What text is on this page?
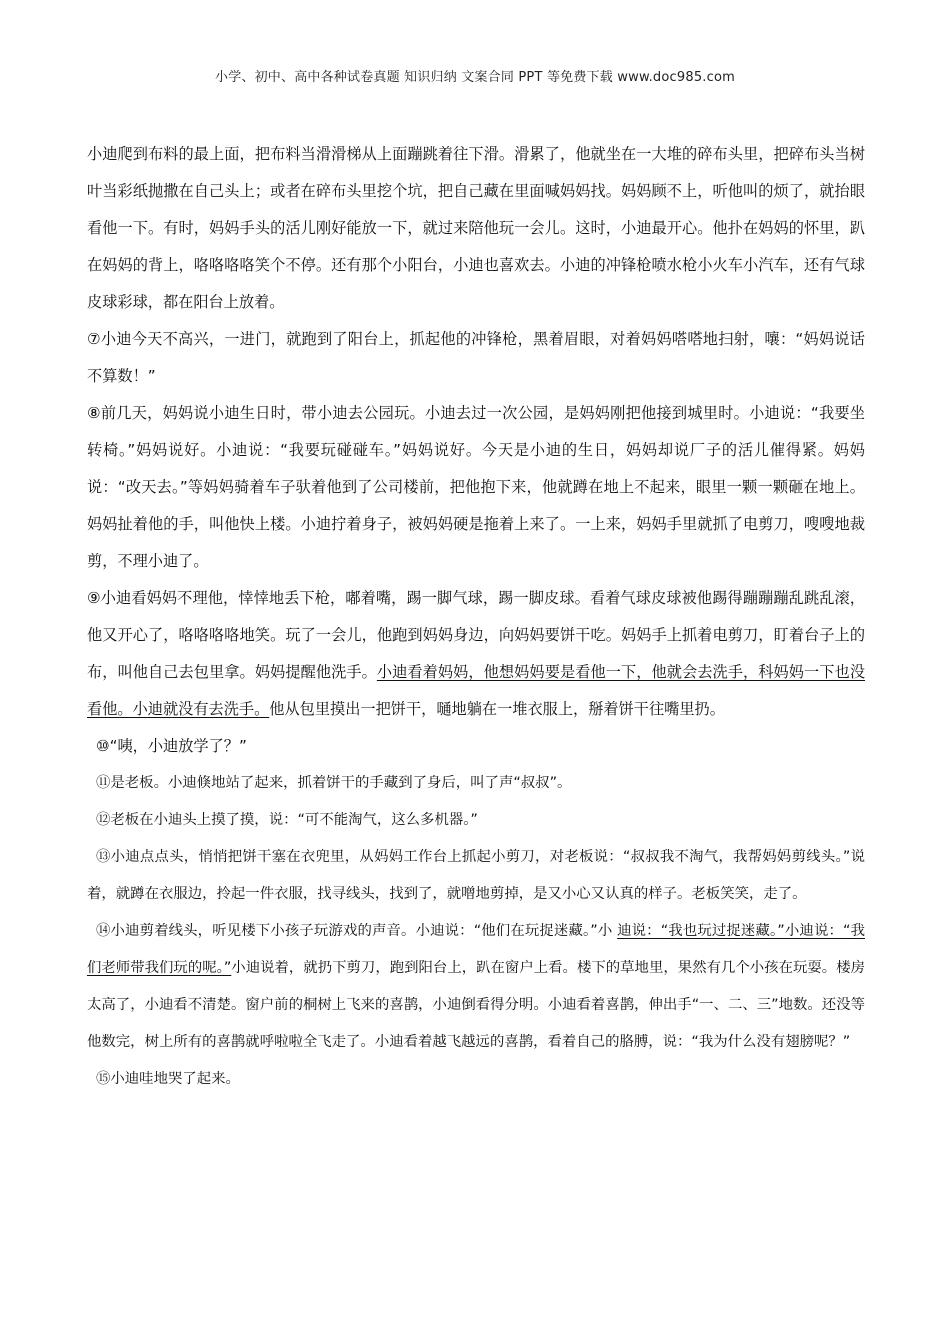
小学、初中、高中各种试卷真题 知识归纳 文案合同 PPT 等免费下载 www.doc985.com

小迪爬到布料的最上面，把布料当滑滑梯从上面蹦跳着往下滑。滑累了，他就坐在一大堆的碎布头里，把碎布头当树叶当彩纸抛撒在自己头上；或者在碎布头里挖个坑，把自己藏在里面喊妈妈找。妈妈顾不上，听他叫的烦了，就抬眼看他一下。有时，妈妈手头的活儿刚好能放一下，就过来陪他玩一会儿。这时，小迪最开心。他扑在妈妈的怀里，趴在妈妈的背上，咯咯咯咯笑个不停。还有那个小阳台，小迪也喜欢去。小迪的冲锋枪喷水枪小火车小汽车，还有气球皮球彩球，都在阳台上放着。

⑦小迪今天不高兴，一进门，就跑到了阳台上，抓起他的冲锋枪，黑着眉眼，对着妈妈嗒嗒地扫射，嚷：“妈妈说话不算数！”

⑧前几天，妈妈说小迪生日时，带小迪去公园玩。小迪去过一次公园，是妈妈刚把他接到城里时。小迪说：“我要坐转椅。”妈妈说好。小迪说：“我要玩碰碰车。”妈妈说好。今天是小迪的生日，妈妈却说厂子的活儿催得紧。妈妈说：“改天去。”等妈妈骑着车子驮着他到了公司楼前，把他抱下来，他就蹲在地上不起来，眼里一颗一颗砸在地上。妈妈扯着他的手，叫他快上楼。小迪拧着身子，被妈妈硬是拖着上来了。一上来，妈妈手里就抓了电剪刀，嗖嗖地裁剪，不理小迪了。

⑨小迪看妈妈不理他，悻悻地丢下枪，嘟着嘴，踢一脚气球，踢一脚皮球。看着气球皮球被他踢得蹦蹦蹦乱跳乱滚，他又开心了，咯咯咯咯地笑。玩了一会儿，他跑到妈妈身边，向妈妈要饼干吃。妈妈手上抓着电剪刀，盯着台子上的布，叫他自己去包里拿。妈妈提醒他洗手。小迪看着妈妈，他想妈妈要是看他一下，他就会去洗手，科妈妈一下也没看他。小迪就没有去洗手。他从包里摸出一把饼干，嗵地躺在一堆衣服上，掰着饼干往嘴里扔。

⑩“咦，小迪放学了？”

⑪是老板。小迪倏地站了起来，抓着饼干的手藏到了身后，叫了声“叔叔”。

⑫老板在小迪头上摸了摸，说：“可不能淘气，这么多机器。”

⑬小迪点点头，悄悄把饼干塞在衣兜里，从妈妈工作台上抓起小剪刀，对老板说：“叔叔我不淘气，我帮妈妈剪线头。”说着，就蹲在衣服边，拎起一件衣服，找寻线头，找到了，就噌地剪掉，是又小心又认真的样子。老板笑笑，走了。

⑭小迪剪着线头，听见楼下小孩子玩游戏的声音。小迪说：“他们在玩捉迷藏。”小 迪说：“我也玩过捉迷藏。”小迪说：“我们老师带我们玩的呢。”小迪说着，就扔下剪刀，跑到阳台上，趴在窗户上看。楼下的草地里，果然有几个小孩在玩耍。楼房太高了，小迪看不清楚。窗户前的桐树上飞来的喜鹊，小迪倒看得分明。小迪看着喜鹊，伸出手“一、二、三”地数。还没等他数完，树上所有的喜鹊就呼啦啦全飞走了。小迪看着越飞越远的喜鹊，看着自己的胳膊，说：“我为什么没有翅膀呢？”

⑮小迪哇地哭了起来。
